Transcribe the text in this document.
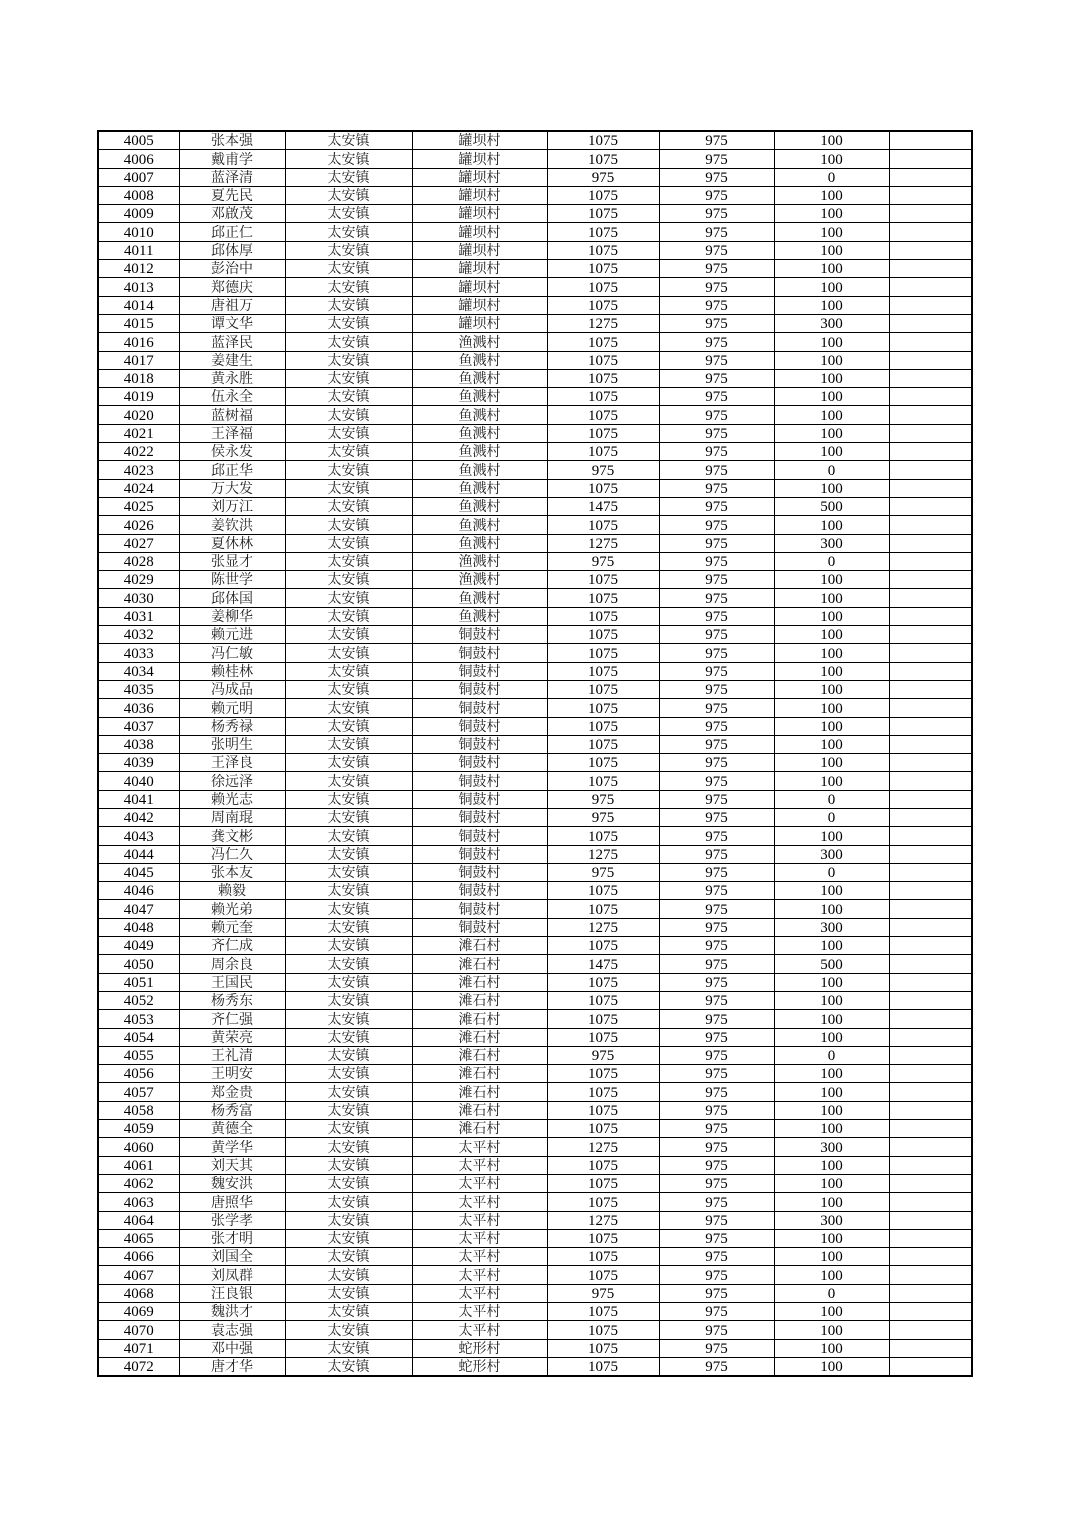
4005	张本强	太安镇	罐坝村	1075	975	100	
4006	戴甫学	太安镇	罐坝村	1075	975	100	
4007	蓝泽清	太安镇	罐坝村	975	975	0	
4008	夏先民	太安镇	罐坝村	1075	975	100	
4009	邓啟茂	太安镇	罐坝村	1075	975	100	
4010	邱正仁	太安镇	罐坝村	1075	975	100	
4011	邱体厚	太安镇	罐坝村	1075	975	100	
4012	彭治中	太安镇	罐坝村	1075	975	100	
4013	郑德庆	太安镇	罐坝村	1075	975	100	
4014	唐祖万	太安镇	罐坝村	1075	975	100	
4015	谭文华	太安镇	罐坝村	1275	975	300	
4016	蓝泽民	太安镇	渔溅村	1075	975	100	
4017	姜建生	太安镇	鱼溅村	1075	975	100	
4018	黄永胜	太安镇	鱼溅村	1075	975	100	
4019	伍永全	太安镇	鱼溅村	1075	975	100	
4020	蓝树福	太安镇	鱼溅村	1075	975	100	
4021	王泽福	太安镇	鱼溅村	1075	975	100	
4022	侯永发	太安镇	鱼溅村	1075	975	100	
4023	邱正华	太安镇	鱼溅村	975	975	0	
4024	万大发	太安镇	鱼溅村	1075	975	100	
4025	刘万江	太安镇	鱼溅村	1475	975	500	
4026	姜钦洪	太安镇	鱼溅村	1075	975	100	
4027	夏休林	太安镇	鱼溅村	1275	975	300	
4028	张显才	太安镇	渔溅村	975	975	0	
4029	陈世学	太安镇	渔溅村	1075	975	100	
4030	邱体国	太安镇	鱼溅村	1075	975	100	
4031	姜柳华	太安镇	鱼溅村	1075	975	100	
4032	赖元进	太安镇	铜鼓村	1075	975	100	
4033	冯仁敏	太安镇	铜鼓村	1075	975	100	
4034	赖桂林	太安镇	铜鼓村	1075	975	100	
4035	冯成品	太安镇	铜鼓村	1075	975	100	
4036	赖元明	太安镇	铜鼓村	1075	975	100	
4037	杨秀禄	太安镇	铜鼓村	1075	975	100	
4038	张明生	太安镇	铜鼓村	1075	975	100	
4039	王泽良	太安镇	铜鼓村	1075	975	100	
4040	徐远泽	太安镇	铜鼓村	1075	975	100	
4041	赖光志	太安镇	铜鼓村	975	975	0	
4042	周南琨	太安镇	铜鼓村	975	975	0	
4043	龚文彬	太安镇	铜鼓村	1075	975	100	
4044	冯仁久	太安镇	铜鼓村	1275	975	300	
4045	张本友	太安镇	铜鼓村	975	975	0	
4046	赖毅	太安镇	铜鼓村	1075	975	100	
4047	赖光弟	太安镇	铜鼓村	1075	975	100	
4048	赖元奎	太安镇	铜鼓村	1275	975	300	
4049	齐仁成	太安镇	滩石村	1075	975	100	
4050	周余良	太安镇	滩石村	1475	975	500	
4051	王国民	太安镇	滩石村	1075	975	100	
4052	杨秀东	太安镇	滩石村	1075	975	100	
4053	齐仁强	太安镇	滩石村	1075	975	100	
4054	黄荣亮	太安镇	滩石村	1075	975	100	
4055	王礼清	太安镇	滩石村	975	975	0	
4056	王明安	太安镇	滩石村	1075	975	100	
4057	郑金贵	太安镇	滩石村	1075	975	100	
4058	杨秀富	太安镇	滩石村	1075	975	100	
4059	黄德全	太安镇	滩石村	1075	975	100	
4060	黄学华	太安镇	太平村	1275	975	300	
4061	刘天其	太安镇	太平村	1075	975	100	
4062	魏安洪	太安镇	太平村	1075	975	100	
4063	唐照华	太安镇	太平村	1075	975	100	
4064	张学孝	太安镇	太平村	1275	975	300	
4065	张才明	太安镇	太平村	1075	975	100	
4066	刘国全	太安镇	太平村	1075	975	100	
4067	刘凤群	太安镇	太平村	1075	975	100	
4068	汪良银	太安镇	太平村	975	975	0	
4069	魏洪才	太安镇	太平村	1075	975	100	
4070	袁志强	太安镇	太平村	1075	975	100	
4071	邓中强	太安镇	蛇形村	1075	975	100	
4072	唐才华	太安镇	蛇形村	1075	975	100	
